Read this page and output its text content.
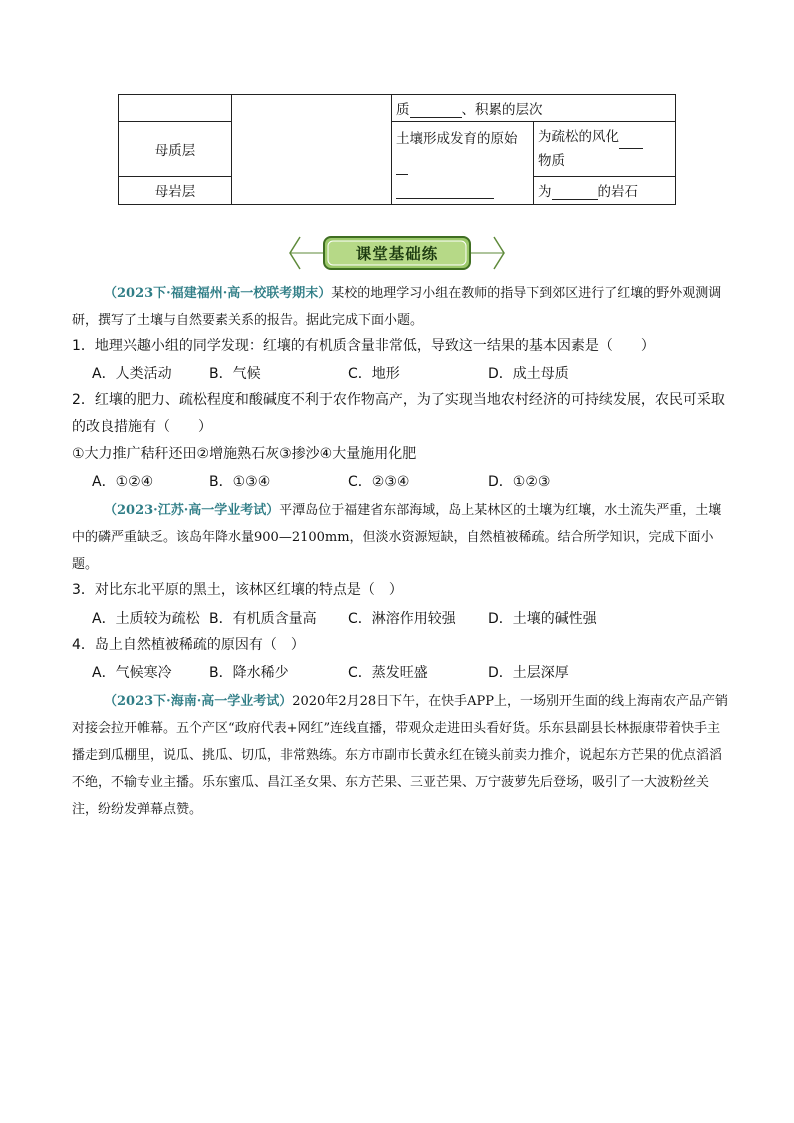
		质 、积累的层次	
母质层		土壤形成发育的原始	为疏松的风化
物质
母岩层			为 的岩石
课堂基础练

（2023下·福建福州·高一校联考期末）某校的地理学习小组在教师的指导下到郊区进行了红壤的野外观测调研，撰写了土壤与自然要素关系的报告。据此完成下面小题。

1．地理兴趣小组的同学发现：红壤的有机质含量非常低，导致这一结果的基本因素是（　　）

A．人类活动	B．气候	C．地形	D．成土母质

2．红壤的肥力、疏松程度和酸碱度不利于农作物高产，为了实现当地农村经济的可持续发展，农民可采取的改良措施有（　　）

①大力推广秸秆还田②增施熟石灰③掺沙④大量施用化肥

A．①②④	B．①③④	C．②③④	D．①②③

（2023·江苏·高一学业考试）平潭岛位于福建省东部海域，岛上某林区的土壤为红壤，水土流失严重，土壤中的磷严重缺乏。该岛年降水量900—2100mm，但淡水资源短缺，自然植被稀疏。结合所学知识，完成下面小题。

3．对比东北平原的黑土，该林区红壤的特点是（　）

A．土质较为疏松 B．有机质含量高 C．淋溶作用较强 D．土壤的碱性强

4．岛上自然植被稀疏的原因有（　）

A．气候寒冷	B．降水稀少	C．蒸发旺盛	D．土层深厚

（2023下·海南·高一学业考试）2020年2月28日下午，在快手APP上，一场别开生面的线上海南农产品产销对接会拉开帷幕。五个产区“政府代表+网红”连线直播，带观众走进田头看好货。乐东县副县长林振康带着快手主播走到瓜棚里，说瓜、挑瓜、切瓜，非常熟练。东方市副市长黄永红在镜头前卖力推介，说起东方芒果的优点滔滔不绝，不输专业主播。乐东蜜瓜、昌江圣女果、东方芒果、三亚芒果、万宁菠萝先后登场，吸引了一大波粉丝关注，纷纷发弹幕点赞。
